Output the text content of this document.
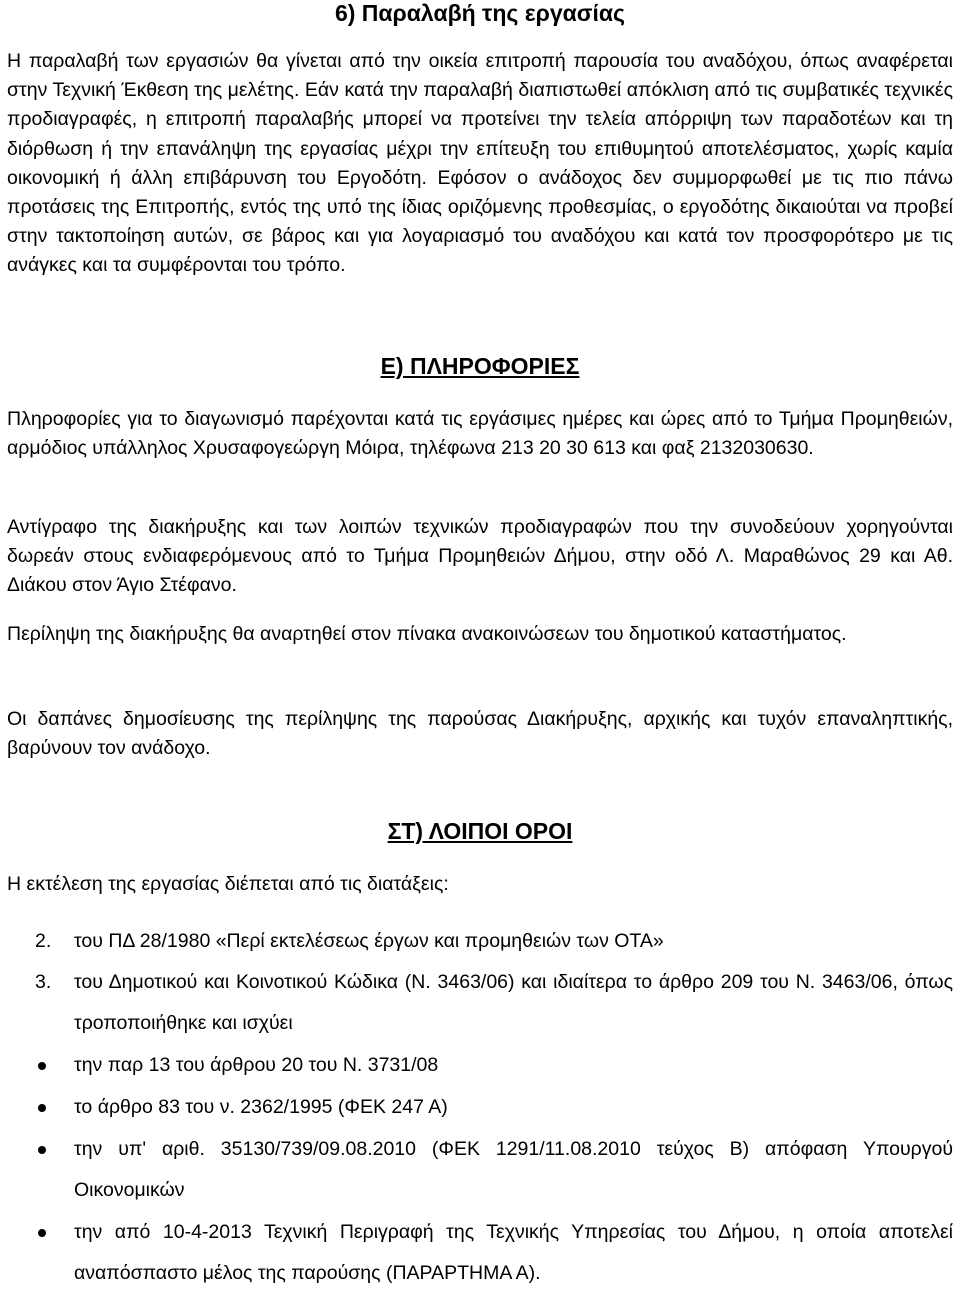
6) Παραλαβή της εργασίας

Η παραλαβή των εργασιών θα γίνεται από την οικεία επιτροπή παρουσία του αναδόχου, όπως αναφέρεται στην Τεχνική Έκθεση της μελέτης. Εάν κατά την παραλαβή διαπιστωθεί απόκλιση από τις συμβατικές τεχνικές προδιαγραφές, η επιτροπή παραλαβής μπορεί να προτείνει την τελεία απόρριψη των παραδοτέων και τη διόρθωση ή την επανάληψη της εργασίας μέχρι την επίτευξη του επιθυμητού αποτελέσματος, χωρίς καμία οικονομική ή άλλη επιβάρυνση του Εργοδότη. Εφόσον ο ανάδοχος δεν συμμορφωθεί με τις πιο πάνω προτάσεις της Επιτροπής, εντός της υπό της ίδιας οριζόμενης προθεσμίας, ο εργοδότης δικαιούται να προβεί στην τακτοποίηση αυτών, σε βάρος και για λογαριασμό του αναδόχου και κατά τον προσφορότερο με τις ανάγκες και τα συμφέρονται του τρόπο.

Ε) ΠΛΗΡΟΦΟΡΙΕΣ

Πληροφορίες για το διαγωνισμό παρέχονται κατά τις εργάσιμες ημέρες και ώρες από το Τμήμα Προμηθειών, αρμόδιος υπάλληλος Χρυσαφογεώργη Μόιρα, τηλέφωνα 213 20 30 613 και φαξ 2132030630.

Αντίγραφο της διακήρυξης και των λοιπών τεχνικών προδιαγραφών που την συνοδεύουν χορηγούνται δωρεάν στους ενδιαφερόμενους από το Τμήμα Προμηθειών Δήμου, στην οδό Λ. Μαραθώνος 29 και Αθ. Διάκου στον Άγιο Στέφανο.

Περίληψη της διακήρυξης θα αναρτηθεί στον πίνακα ανακοινώσεων του δημοτικού καταστήματος.

Οι δαπάνες δημοσίευσης της περίληψης της παρούσας Διακήρυξης, αρχικής και τυχόν επαναληπτικής, βαρύνουν τον ανάδοχο.

ΣΤ) ΛΟΙΠΟΙ ΟΡΟΙ

Η εκτέλεση της εργασίας διέπεται από τις διατάξεις:

2.	του ΠΔ 28/1980 «Περί εκτελέσεως έργων και προμηθειών των ΟΤΑ»
3.	του Δημοτικού και Κοινοτικού Κώδικα (Ν. 3463/06) και ιδιαίτερα το άρθρο 209 του Ν. 3463/06, όπως τροποποιήθηκε και ισχύει
την παρ 13 του άρθρου 20 του Ν. 3731/08
το άρθρο 83 του ν. 2362/1995 (ΦΕΚ 247 Α)
την υπ' αριθ. 35130/739/09.08.2010 (ΦΕΚ 1291/11.08.2010 τεύχος Β) απόφαση Υπουργού Οικονομικών
την από 10-4-2013 Τεχνική Περιγραφή της Τεχνικής Υπηρεσίας του Δήμου, η οποία αποτελεί αναπόσπαστο μέλος της παρούσης (ΠΑΡΑΡΤΗΜΑ Α).
